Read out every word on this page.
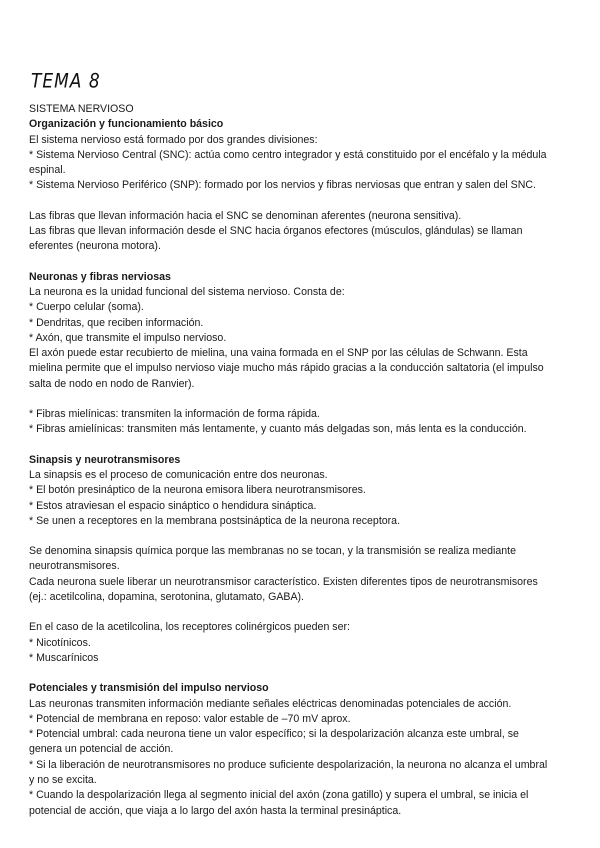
TEMA 8

SISTEMA NERVIOSO

Organización y funcionamiento básico

El sistema nervioso está formado por dos grandes divisiones:

* Sistema Nervioso Central (SNC): actúa como centro integrador y está constituido por el encéfalo y la médula

espinal.

* Sistema Nervioso Periférico (SNP): formado por los nervios y fibras nerviosas que entran y salen del SNC.

Las fibras que llevan información hacia el SNC se denominan aferentes (neurona sensitiva).

Las fibras que llevan información desde el SNC hacia órganos efectores (músculos, glándulas) se llaman

eferentes (neurona motora).

Neuronas y fibras nerviosas

La neurona es la unidad funcional del sistema nervioso. Consta de:

* Cuerpo celular (soma).

* Dendritas, que reciben información.

* Axón, que transmite el impulso nervioso.

El axón puede estar recubierto de mielina, una vaina formada en el SNP por las células de Schwann. Esta

mielina permite que el impulso nervioso viaje mucho más rápido gracias a la conducción saltatoria (el impulso

salta de nodo en nodo de Ranvier).

* Fibras mielínicas: transmiten la información de forma rápida.

* Fibras amielínicas: transmiten más lentamente, y cuanto más delgadas son, más lenta es la conducción.

Sinapsis y neurotransmisores

La sinapsis es el proceso de comunicación entre dos neuronas.

* El botón presináptico de la neurona emisora libera neurotransmisores.

* Estos atraviesan el espacio sináptico o hendidura sináptica.

* Se unen a receptores en la membrana postsináptica de la neurona receptora.

Se denomina sinapsis química porque las membranas no se tocan, y la transmisión se realiza mediante

neurotransmisores.

Cada neurona suele liberar un neurotransmisor característico. Existen diferentes tipos de neurotransmisores

(ej.: acetilcolina, dopamina, serotonina, glutamato, GABA).

En el caso de la acetilcolina, los receptores colinérgicos pueden ser:

* Nicotínicos.

* Muscarínicos

Potenciales y transmisión del impulso nervioso

Las neuronas transmiten información mediante señales eléctricas denominadas potenciales de acción.

* Potencial de membrana en reposo: valor estable de –70 mV aprox.

* Potencial umbral: cada neurona tiene un valor específico; si la despolarización alcanza este umbral, se

genera un potencial de acción.

* Si la liberación de neurotransmisores no produce suficiente despolarización, la neurona no alcanza el umbral

y no se excita.

* Cuando la despolarización llega al segmento inicial del axón (zona gatillo) y supera el umbral, se inicia el

potencial de acción, que viaja a lo largo del axón hasta la terminal presináptica.
